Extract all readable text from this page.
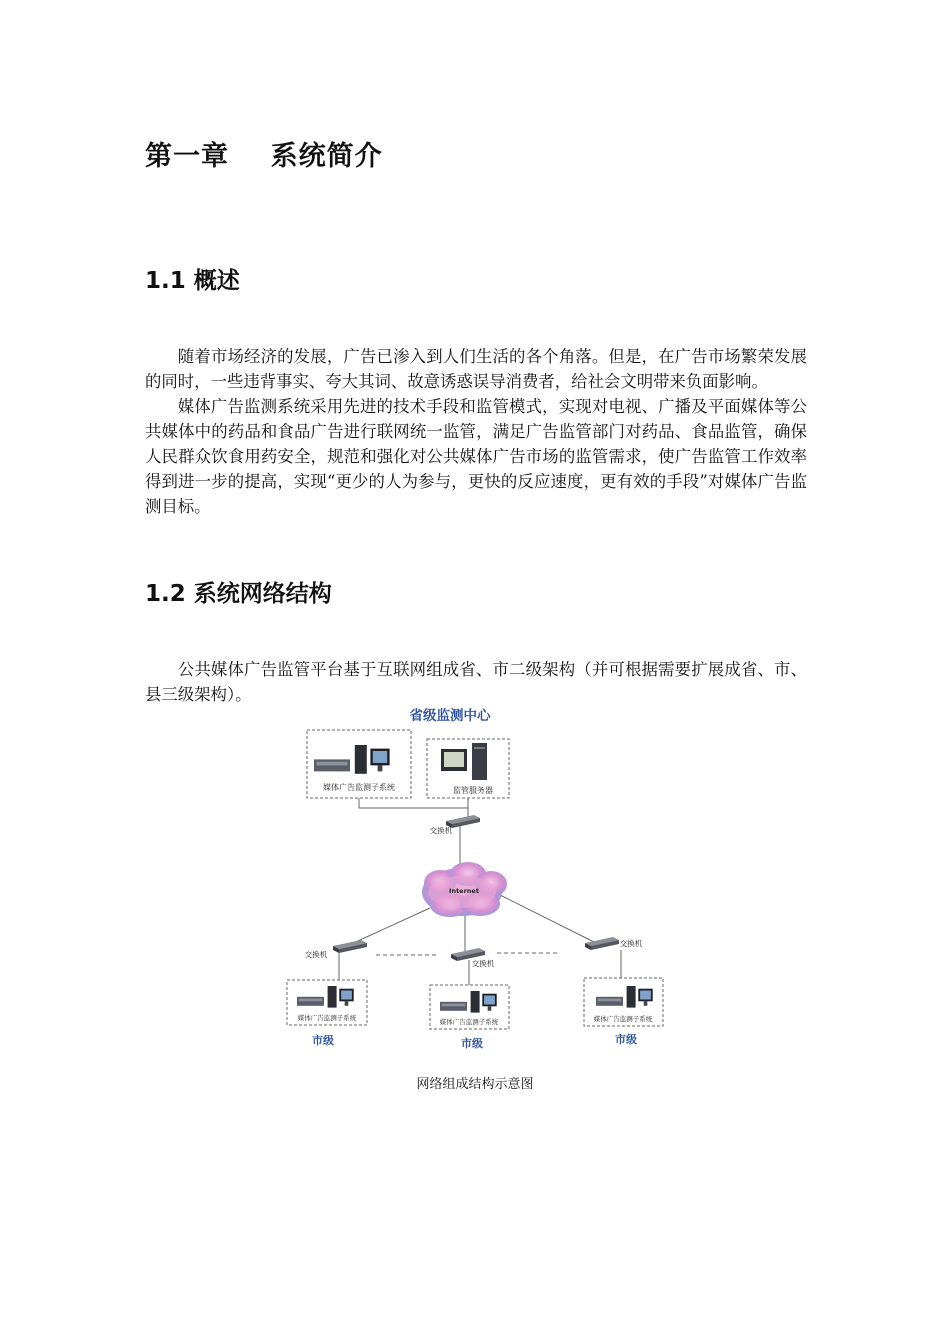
第一章 系统简介
1.1 概述

随着市场经济的发展，广告已渗入到人们生活的各个角落。但是，在广告市场繁荣发展的同时，一些违背事实、夸大其词、故意诱惑误导消费者，给社会文明带来负面影响。

媒体广告监测系统采用先进的技术手段和监管模式，实现对电视、广播及平面媒体等公共媒体中的药品和食品广告进行联网统一监管，满足广告监管部门对药品、食品监管，确保人民群众饮食用药安全，规范和强化对公共媒体广告市场的监管需求，使广告监管工作效率得到进一步的提高，实现“更少的人为参与，更快的反应速度，更有效的手段”对媒体广告监测目标。

1.2 系统网络结构

公共媒体广告监管平台基于互联网组成省、市二级架构（并可根据需要扩展成省、市、县三级架构）。

省级监测中心
媒体广告监测子系统	监管服务器
交换机
Internet
交换机
交换机
交换机
媒体广告监测子系统
市级
媒体广告监测子系统
市级
媒体广告监测子系统
市级
网络组成结构示意图
